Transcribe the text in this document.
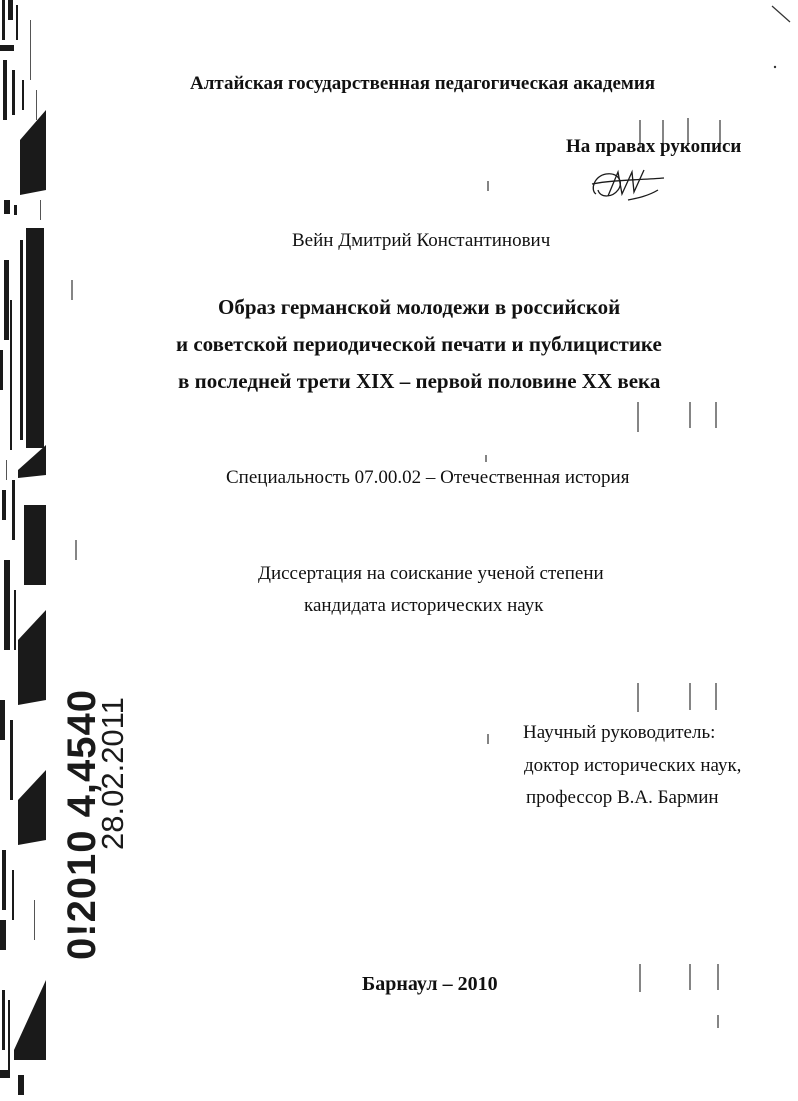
0!2010 4,4540
28.02.2011
Алтайская государственная педагогическая академия
На правах рукописи
Вейн Дмитрий Константинович
Образ германской молодежи в российской
и советской периодической печати и публицистике
в последней трети XIX – первой половине XX века
Специальность 07.00.02 – Отечественная история
Диссертация на соискание ученой степени
кандидата исторических наук
Научный руководитель:
доктор исторических наук,
профессор В.А. Бармин
Барнаул – 2010
